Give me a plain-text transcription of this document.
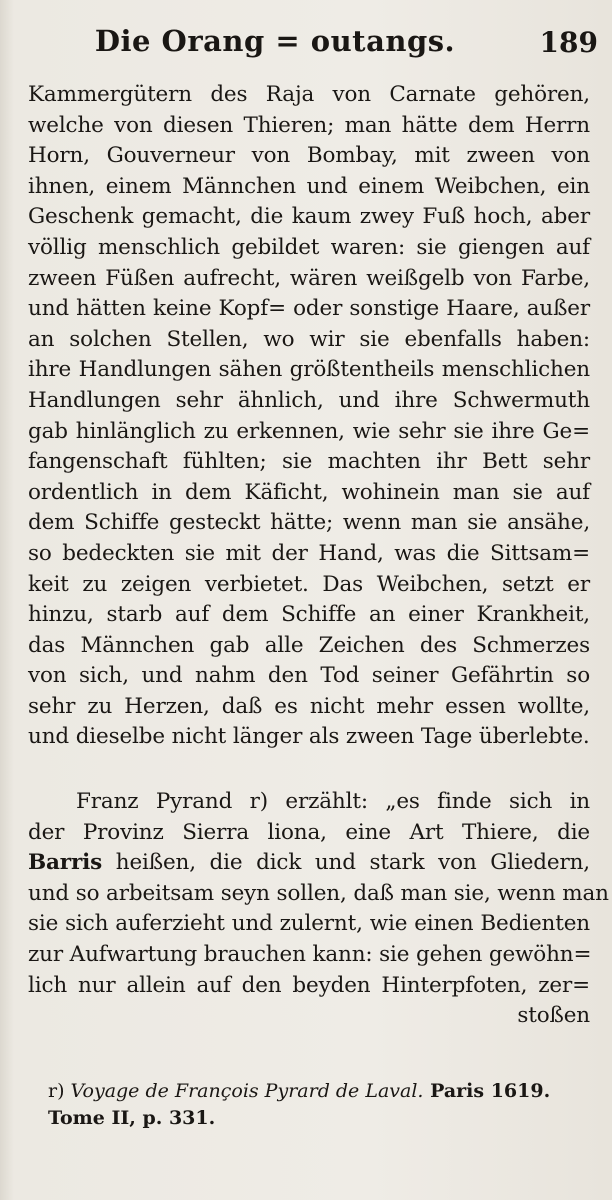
Die Orang = outangs.	189
Kammergütern des Raja von Carnate gehören,
welche von diesen Thieren; man hätte dem Herrn
Horn, Gouverneur von Bombay, mit zween von
ihnen, einem Männchen und einem Weibchen, ein
Geschenk gemacht, die kaum zwey Fuß hoch, aber
völlig menschlich gebildet waren: sie giengen auf
zween Füßen aufrecht, wären weißgelb von Farbe,
und hätten keine Kopf= oder sonstige Haare, außer
an solchen Stellen, wo wir sie ebenfalls haben:
ihre Handlungen sähen größtentheils menschlichen
Handlungen sehr ähnlich, und ihre Schwermuth
gab hinlänglich zu erkennen, wie sehr sie ihre Ge=
fangenschaft fühlten; sie machten ihr Bett sehr
ordentlich in dem Käficht, wohinein man sie auf
dem Schiffe gesteckt hätte; wenn man sie ansähe,
so bedeckten sie mit der Hand, was die Sittsam=
keit zu zeigen verbietet. Das Weibchen, setzt er
hinzu, starb auf dem Schiffe an einer Krankheit,
das Männchen gab alle Zeichen des Schmerzes
von sich, und nahm den Tod seiner Gefährtin so
sehr zu Herzen, daß es nicht mehr essen wollte,
und dieselbe nicht länger als zween Tage überlebte.
Franz Pyrand r) erzählt: „es finde sich in
der Provinz Sierra liona, eine Art Thiere, die
Barris heißen, die dick und stark von Gliedern,
und so arbeitsam seyn sollen, daß man sie, wenn man
sie sich auferzieht und zulernt, wie einen Bedienten
zur Aufwartung brauchen kann: sie gehen gewöhn=
lich nur allein auf den beyden Hinterpfoten, zer=
stoßen
r) Voyage de François Pyrard de Laval. Paris 1619.
Tome II, p. 331.
